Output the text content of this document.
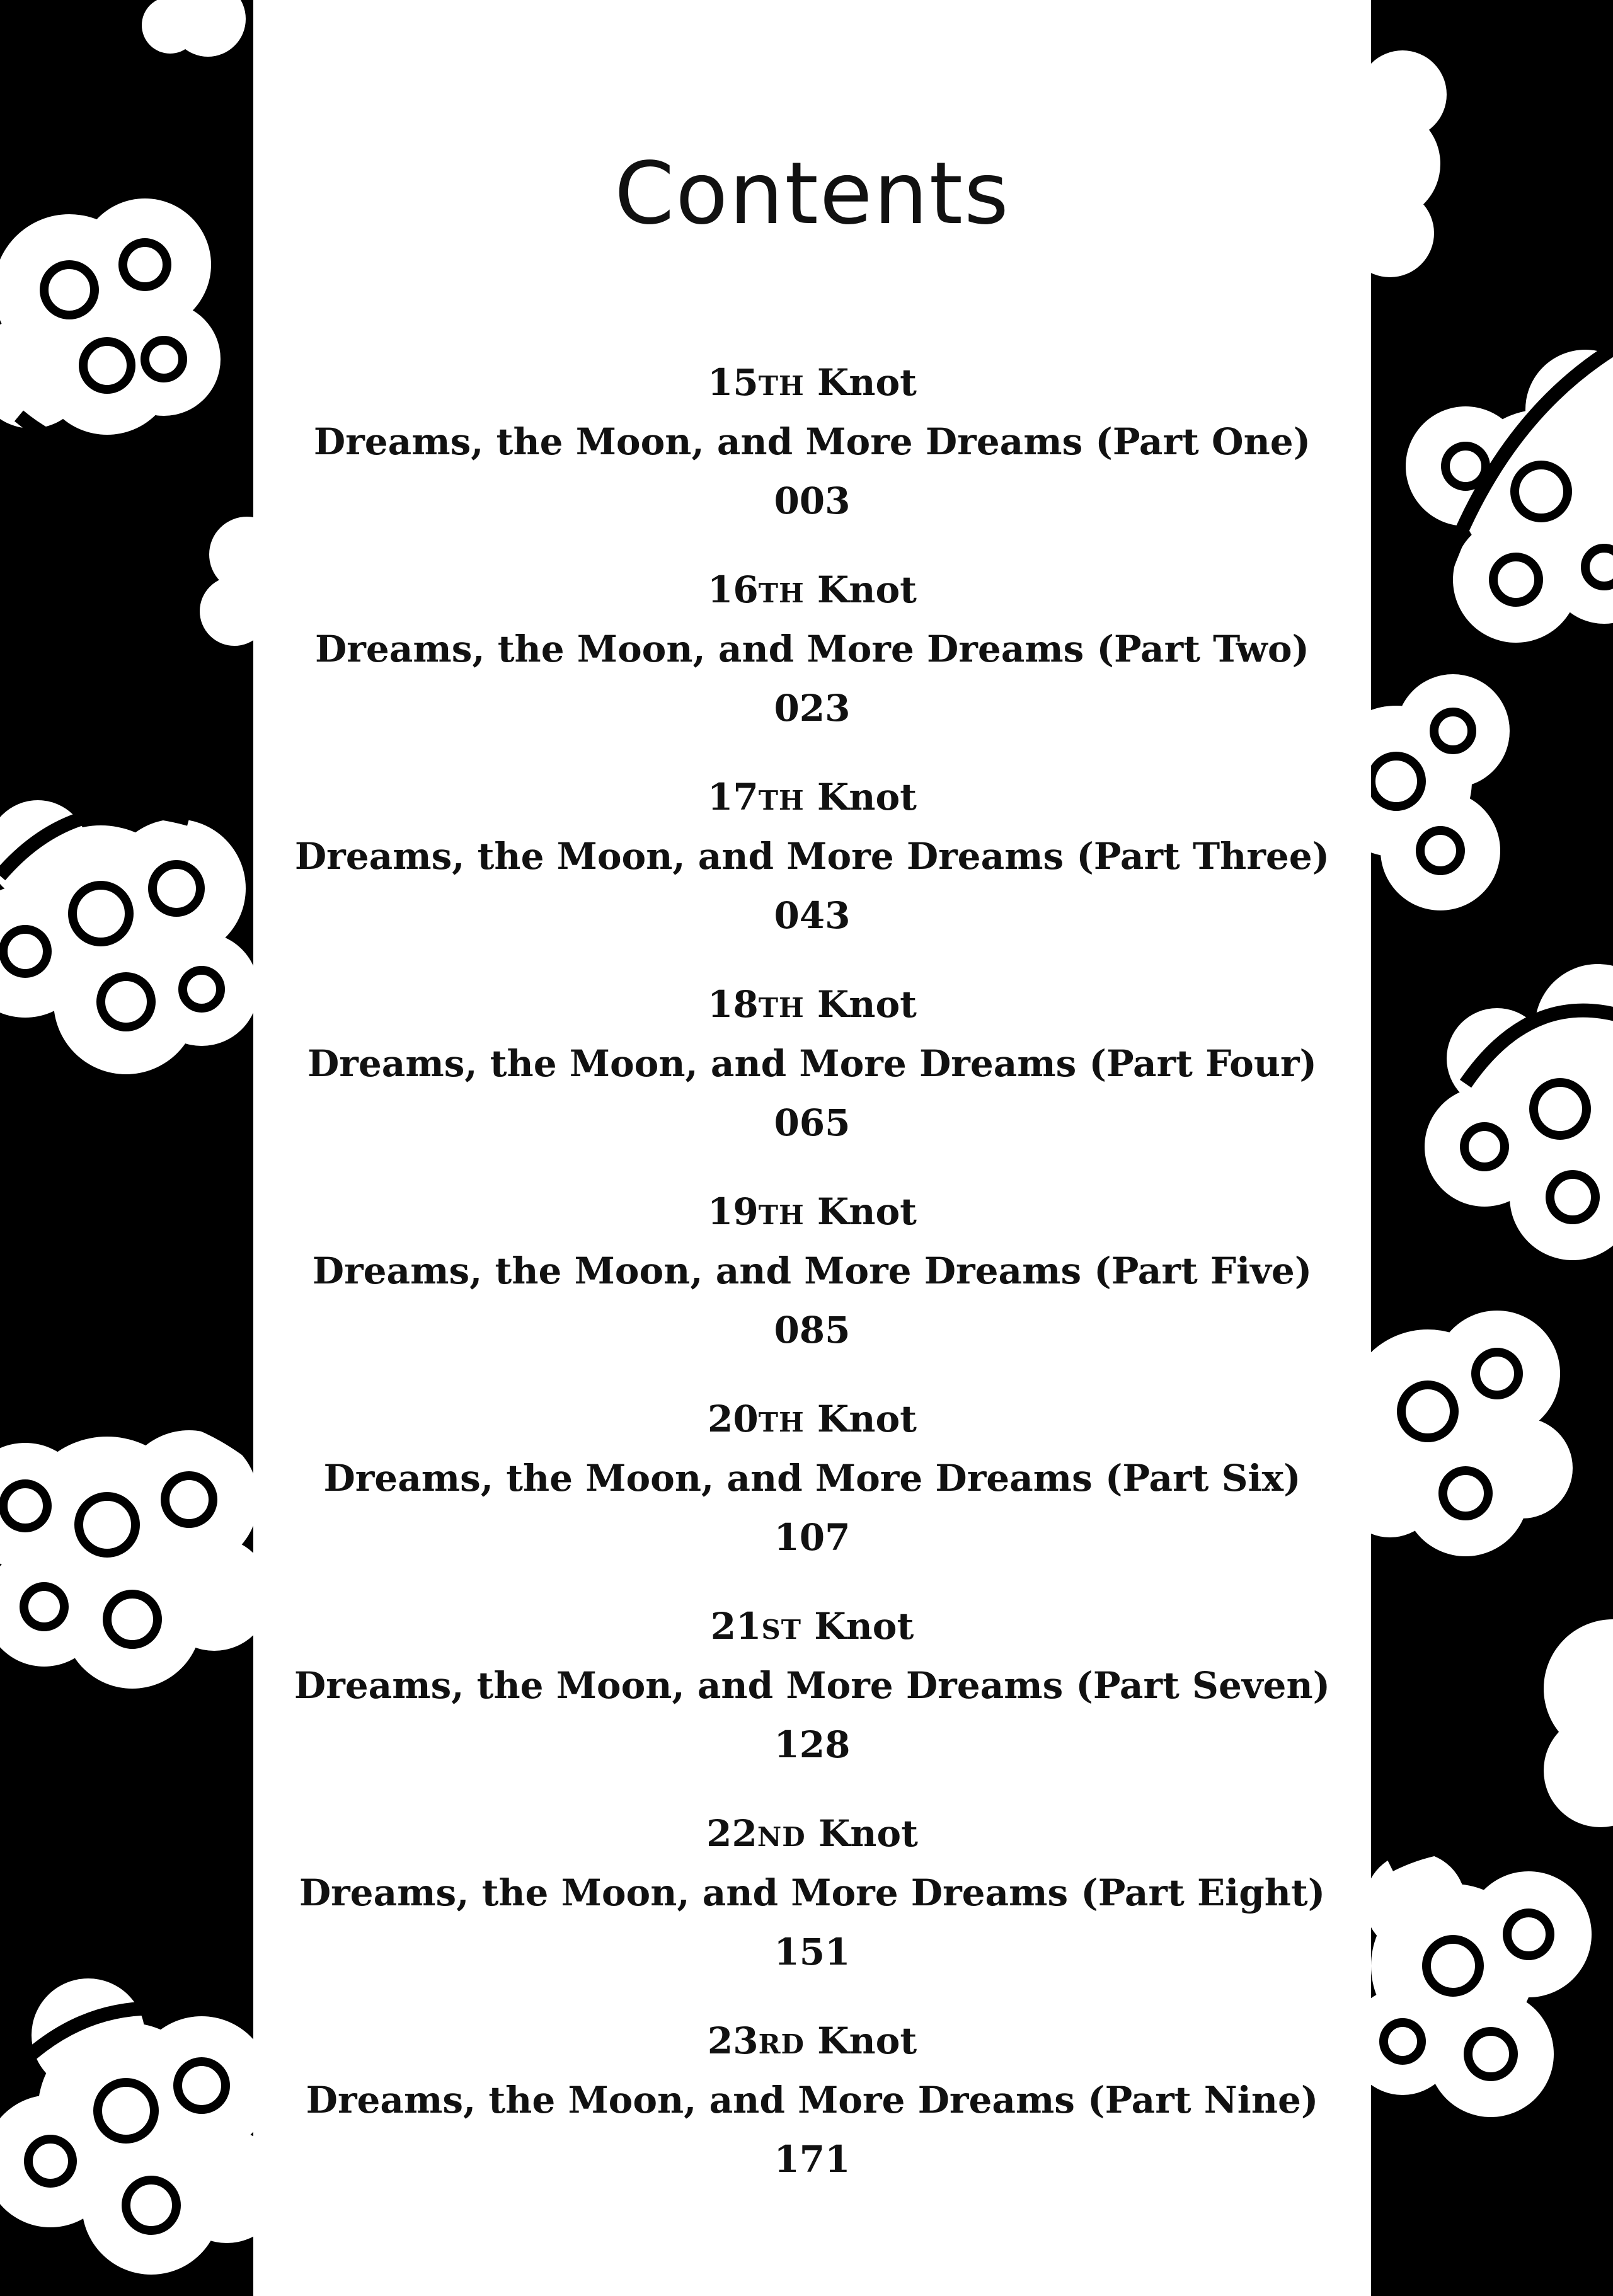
Contents
15TH Knot
Dreams, the Moon, and More Dreams (Part One)
003
16TH Knot
Dreams, the Moon, and More Dreams (Part Two)
023
17TH Knot
Dreams, the Moon, and More Dreams (Part Three)
043
18TH Knot
Dreams, the Moon, and More Dreams (Part Four)
065
19TH Knot
Dreams, the Moon, and More Dreams (Part Five)
085
20TH Knot
Dreams, the Moon, and More Dreams (Part Six)
107
21ST Knot
Dreams, the Moon, and More Dreams (Part Seven)
128
22ND Knot
Dreams, the Moon, and More Dreams (Part Eight)
151
23RD Knot
Dreams, the Moon, and More Dreams (Part Nine)
171
